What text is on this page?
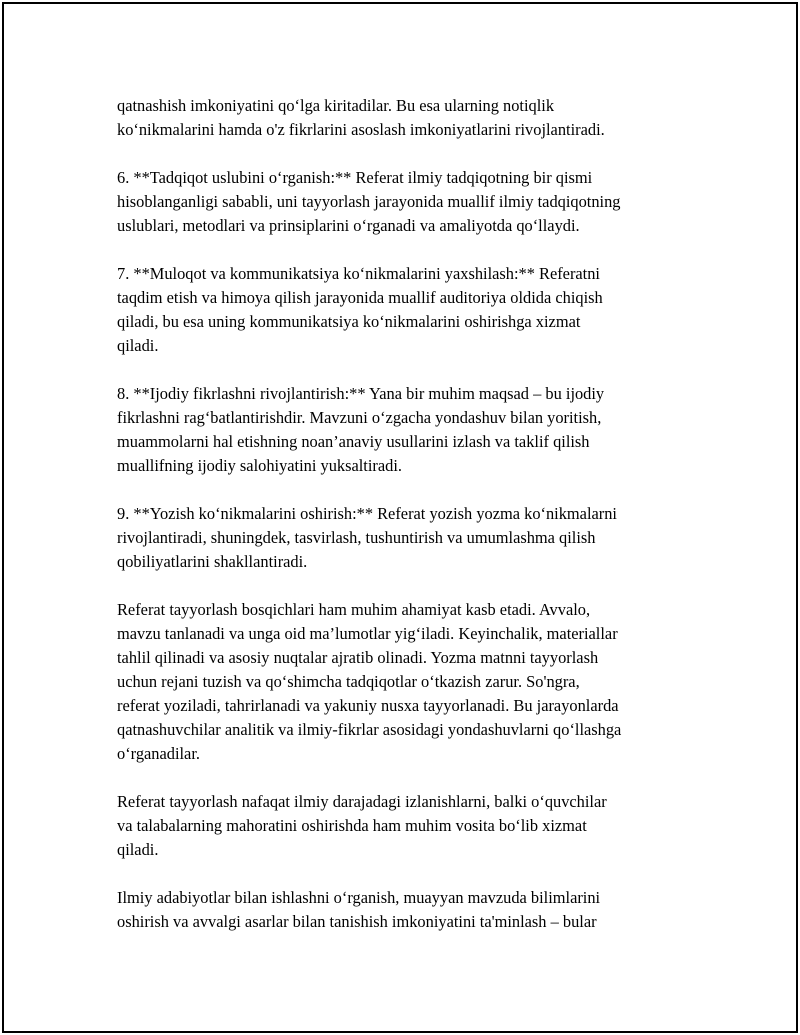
qatnashish imkoniyatini qo‘lga kiritadilar. Bu esa ularning notiqlik
ko‘nikmalarini hamda o'z fikrlarini asoslash imkoniyatlarini rivojlantiradi.

6. **Tadqiqot uslubini o‘rganish:** Referat ilmiy tadqiqotning bir qismi
hisoblanganligi sababli, uni tayyorlash jarayonida muallif ilmiy tadqiqotning
uslublari, metodlari va prinsiplarini o‘rganadi va amaliyotda qo‘llaydi.

7. **Muloqot va kommunikatsiya ko‘nikmalarini yaxshilash:** Referatni
taqdim etish va himoya qilish jarayonida muallif auditoriya oldida chiqish
qiladi, bu esa uning kommunikatsiya ko‘nikmalarini oshirishga xizmat
qiladi.

8. **Ijodiy fikrlashni rivojlantirish:** Yana bir muhim maqsad – bu ijodiy
fikrlashni rag‘batlantirishdir. Mavzuni o‘zgacha yondashuv bilan yoritish,
muammolarni hal etishning noan’anaviy usullarini izlash va taklif qilish
muallifning ijodiy salohiyatini yuksaltiradi.

9. **Yozish ko‘nikmalarini oshirish:** Referat yozish yozma ko‘nikmalarni
rivojlantiradi, shuningdek, tasvirlash, tushuntirish va umumlashma qilish
qobiliyatlarini shakllantiradi.

Referat tayyorlash bosqichlari ham muhim ahamiyat kasb etadi. Avvalo,
mavzu tanlanadi va unga oid ma’lumotlar yig‘iladi. Keyinchalik, materiallar
tahlil qilinadi va asosiy nuqtalar ajratib olinadi. Yozma matnni tayyorlash
uchun rejani tuzish va qo‘shimcha tadqiqotlar o‘tkazish zarur. So'ngra,
referat yoziladi, tahrirlanadi va yakuniy nusxa tayyorlanadi. Bu jarayonlarda
qatnashuvchilar analitik va ilmiy-fikrlar asosidagi yondashuvlarni qo‘llashga
o‘rganadilar.

Referat tayyorlash nafaqat ilmiy darajadagi izlanishlarni, balki o‘quvchilar
va talabalarning mahoratini oshirishda ham muhim vosita bo‘lib xizmat
qiladi.

Ilmiy adabiyotlar bilan ishlashni o‘rganish, muayyan mavzuda bilimlarini
oshirish va avvalgi asarlar bilan tanishish imkoniyatini ta'minlash – bular
